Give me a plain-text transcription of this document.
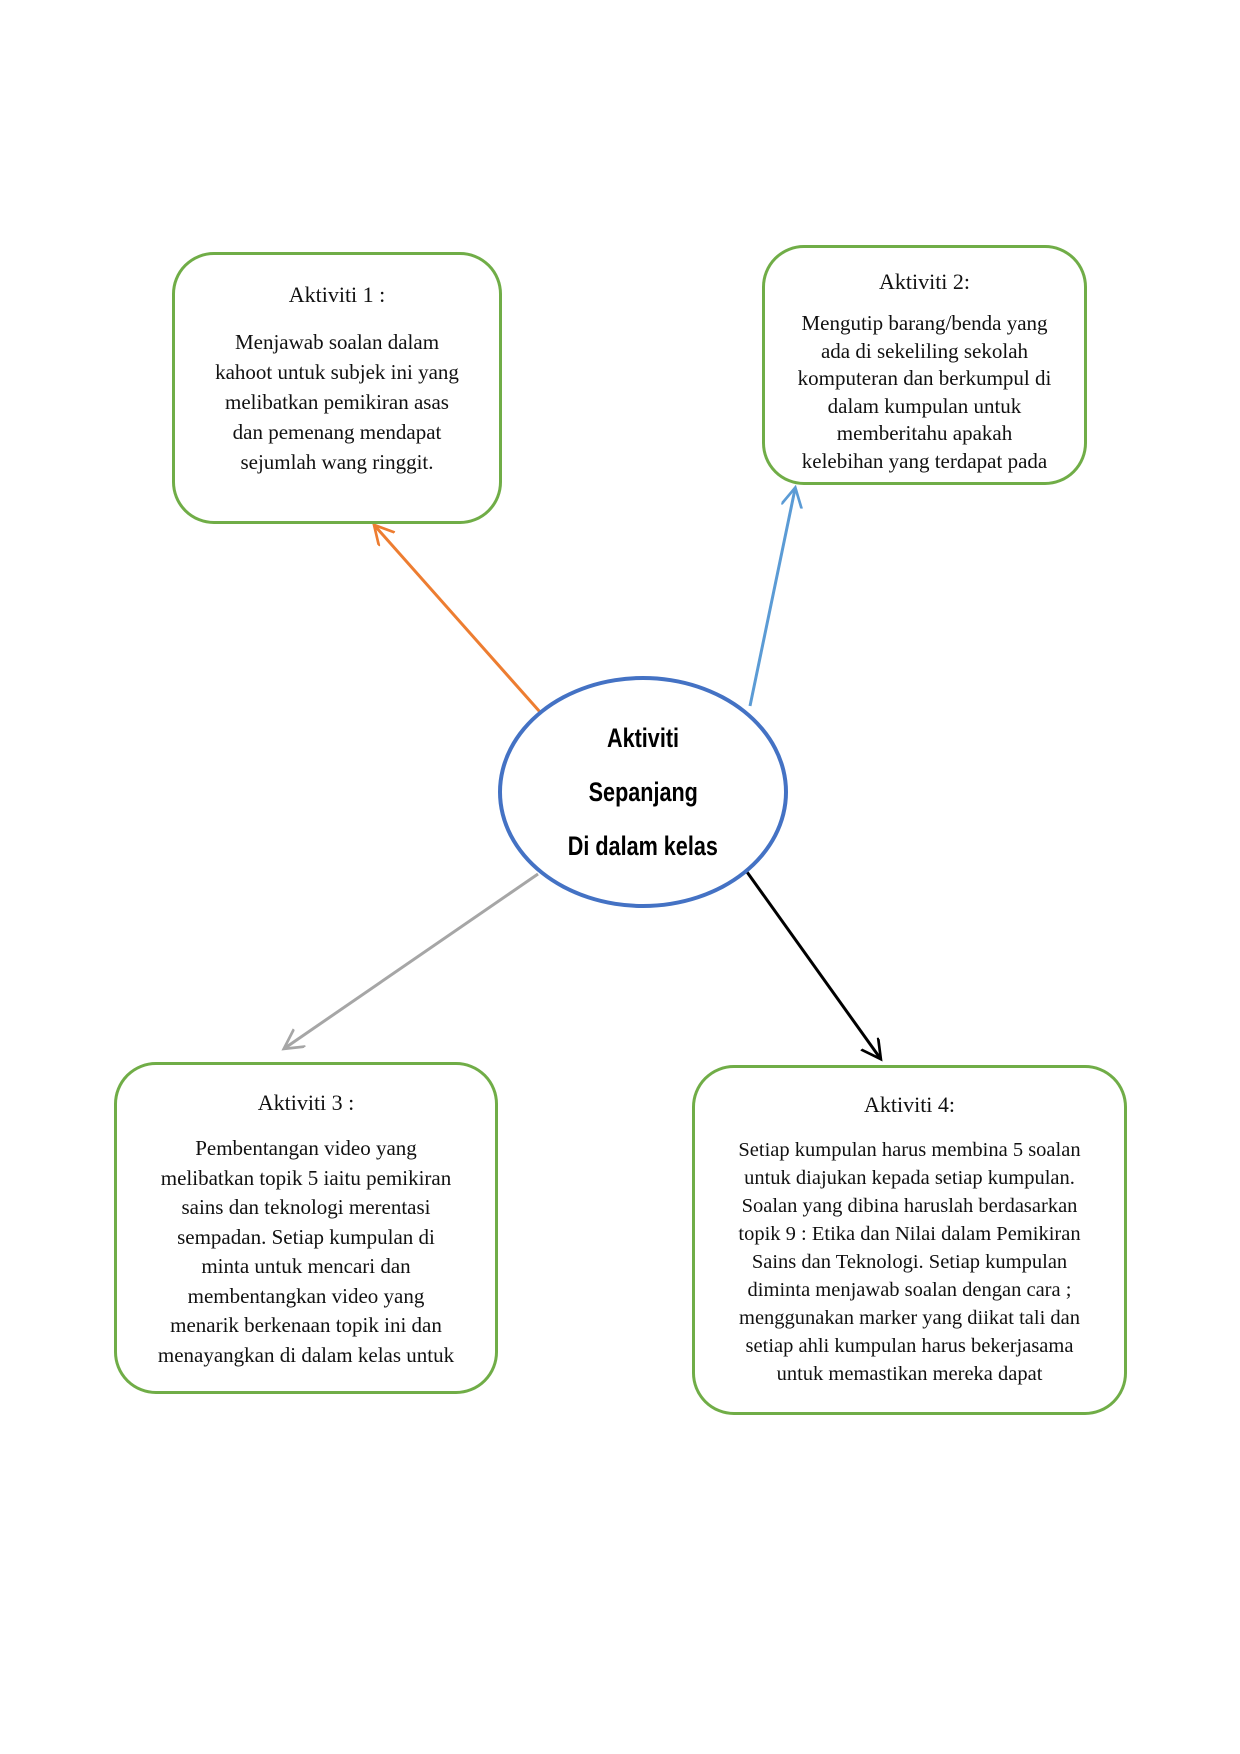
Aktiviti 1 :
Menjawab soalan dalam
kahoot untuk subjek ini yang
melibatkan pemikiran asas
dan pemenang mendapat
sejumlah wang ringgit.
Aktiviti 2:
Mengutip barang/benda yang
ada di sekeliling sekolah
komputeran dan berkumpul di
dalam kumpulan untuk
memberitahu apakah
kelebihan yang terdapat pada
Aktiviti
Sepanjang
Di dalam kelas
Aktiviti 3 :
Pembentangan video yang
melibatkan topik 5 iaitu pemikiran
sains dan teknologi merentasi
sempadan. Setiap kumpulan di
minta untuk mencari dan
membentangkan video yang
menarik berkenaan topik ini dan
menayangkan di dalam kelas untuk
Aktiviti 4:
Setiap kumpulan harus membina 5 soalan
untuk diajukan kepada setiap kumpulan.
Soalan yang dibina haruslah berdasarkan
topik 9 : Etika dan Nilai dalam Pemikiran
Sains dan Teknologi. Setiap kumpulan
diminta menjawab soalan dengan cara ;
menggunakan marker yang diikat tali dan
setiap ahli kumpulan harus bekerjasama
untuk memastikan mereka dapat
